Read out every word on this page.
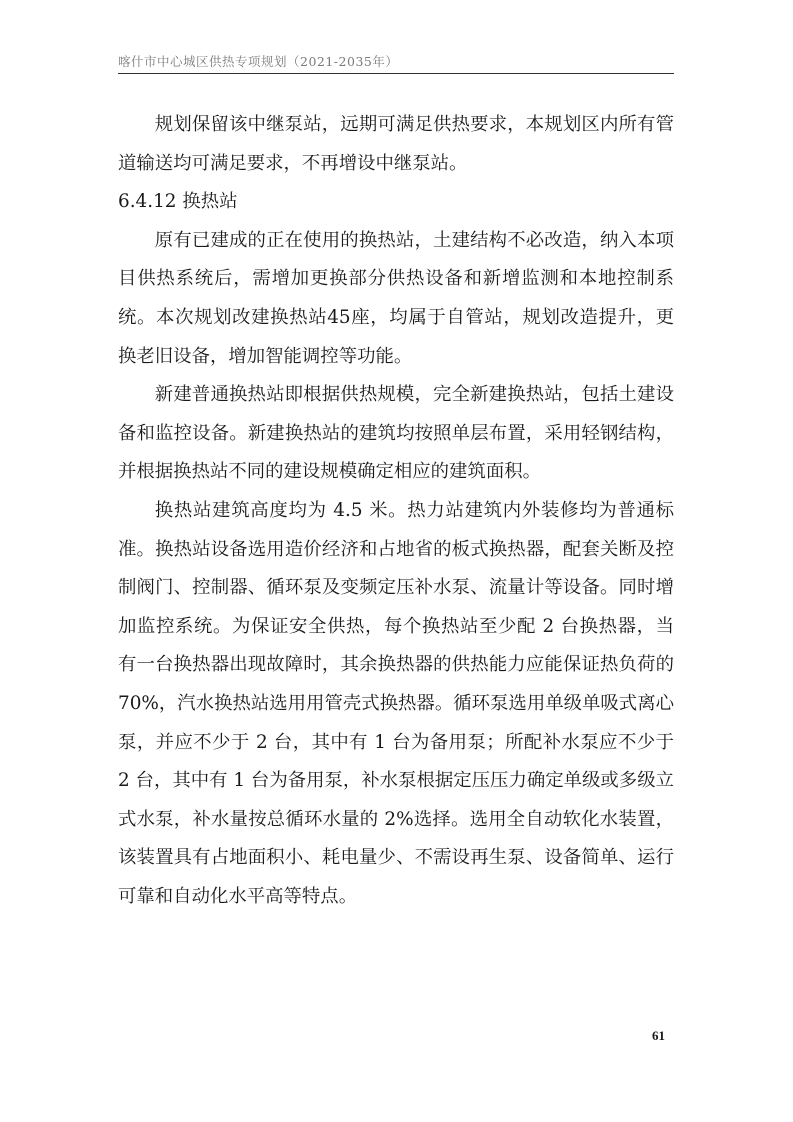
喀什市中心城区供热专项规划（2021-2035年）

规划保留该中继泵站，远期可满足供热要求，本规划区内所有管道输送均可满足要求，不再增设中继泵站。

6.4.12 换热站

原有已建成的正在使用的换热站，土建结构不必改造，纳入本项目供热系统后，需增加更换部分供热设备和新增监测和本地控制系统。本次规划改建换热站45座，均属于自管站，规划改造提升，更换老旧设备，增加智能调控等功能。

新建普通换热站即根据供热规模，完全新建换热站，包括土建设备和监控设备。新建换热站的建筑均按照单层布置，采用轻钢结构，并根据换热站不同的建设规模确定相应的建筑面积。

换热站建筑高度均为 4.5 米。热力站建筑内外装修均为普通标准。换热站设备选用造价经济和占地省的板式换热器，配套关断及控制阀门、控制器、循环泵及变频定压补水泵、流量计等设备。同时增加监控系统。为保证安全供热，每个换热站至少配 2 台换热器，当有一台换热器出现故障时，其余换热器的供热能力应能保证热负荷的70%，汽水换热站选用用管壳式换热器。循环泵选用单级单吸式离心泵，并应不少于 2 台，其中有 1 台为备用泵；所配补水泵应不少于 2 台，其中有 1 台为备用泵，补水泵根据定压压力确定单级或多级立式水泵，补水量按总循环水量的 2%选择。选用全自动软化水装置，该装置具有占地面积小、耗电量少、不需设再生泵、设备简单、运行可靠和自动化水平高等特点。

61
